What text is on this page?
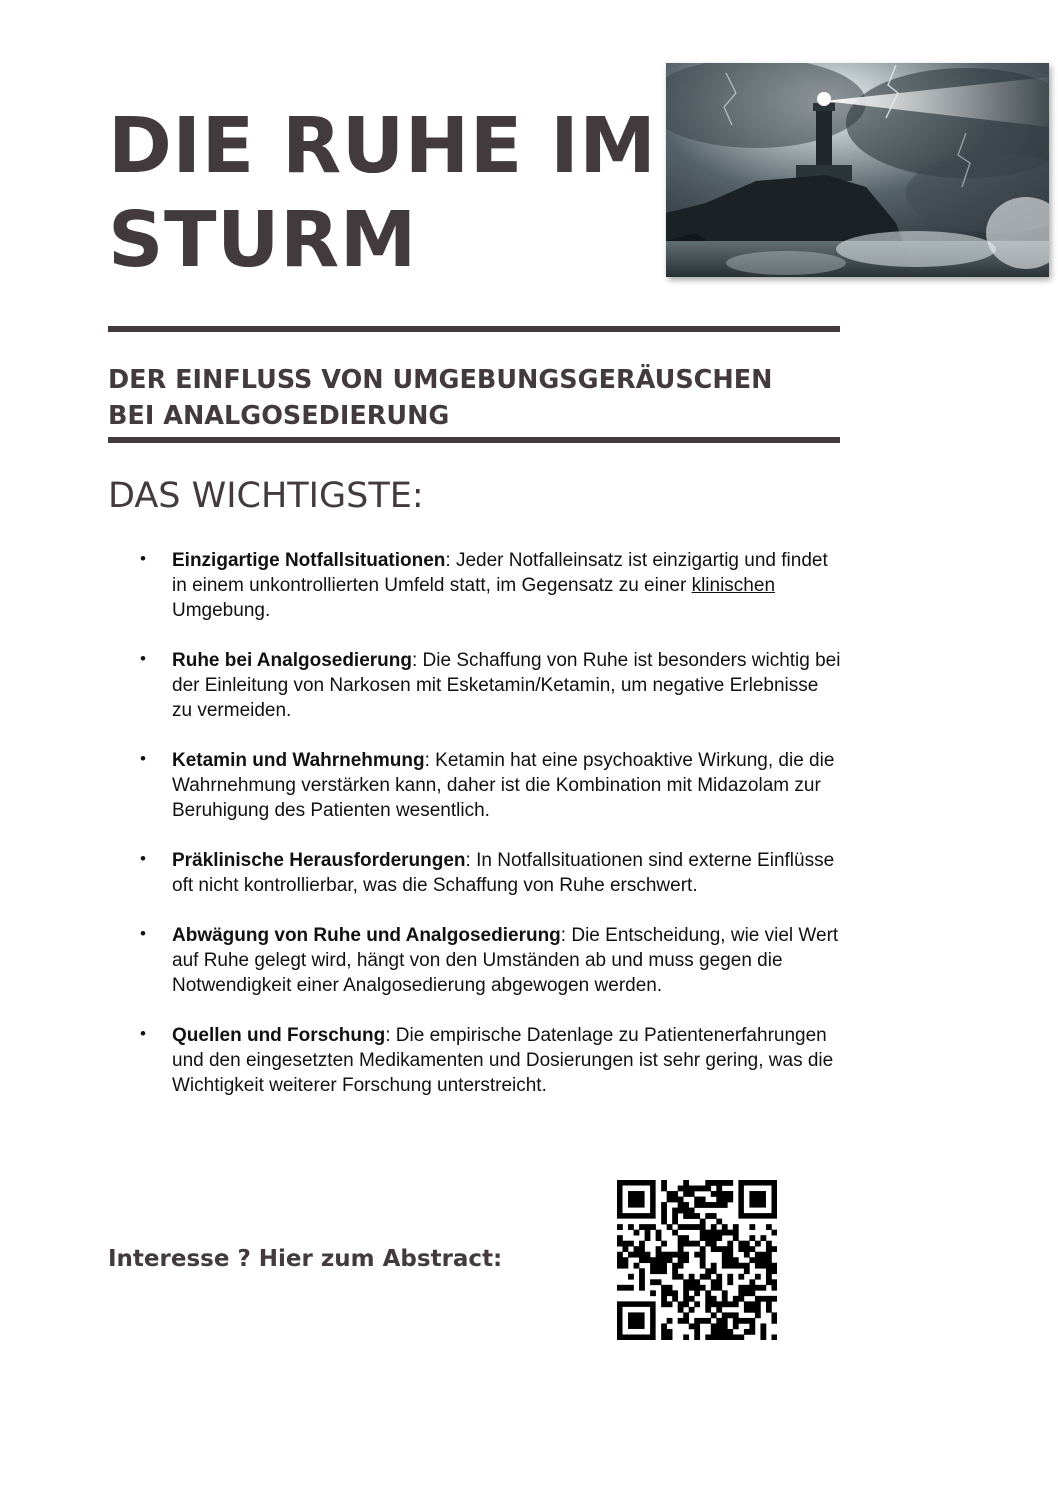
DIE RUHE IM
STURM
DER EINFLUSS VON UMGEBUNGSGERÄUSCHEN
BEI ANALGOSEDIERUNG
DAS WICHTIGSTE:
• Einzigartige Notfallsituationen: Jeder Notfalleinsatz ist einzigartig und findet in einem unkontrollierten Umfeld statt, im Gegensatz zu einer klinischen Umgebung.
• Ruhe bei Analgosedierung: Die Schaffung von Ruhe ist besonders wichtig bei der Einleitung von Narkosen mit Esketamin/Ketamin, um negative Erlebnisse zu vermeiden.
• Ketamin und Wahrnehmung: Ketamin hat eine psychoaktive Wirkung, die die Wahrnehmung verstärken kann, daher ist die Kombination mit Midazolam zur Beruhigung des Patienten wesentlich.
• Präklinische Herausforderungen: In Notfallsituationen sind externe Einflüsse oft nicht kontrollierbar, was die Schaffung von Ruhe erschwert.
• Abwägung von Ruhe und Analgosedierung: Die Entscheidung, wie viel Wert auf Ruhe gelegt wird, hängt von den Umständen ab und muss gegen die Notwendigkeit einer Analgosedierung abgewogen werden.
• Quellen und Forschung: Die empirische Datenlage zu Patientenerfahrungen und den eingesetzten Medikamenten und Dosierungen ist sehr gering, was die Wichtigkeit weiterer Forschung unterstreicht.

Interesse ? Hier zum Abstract:
